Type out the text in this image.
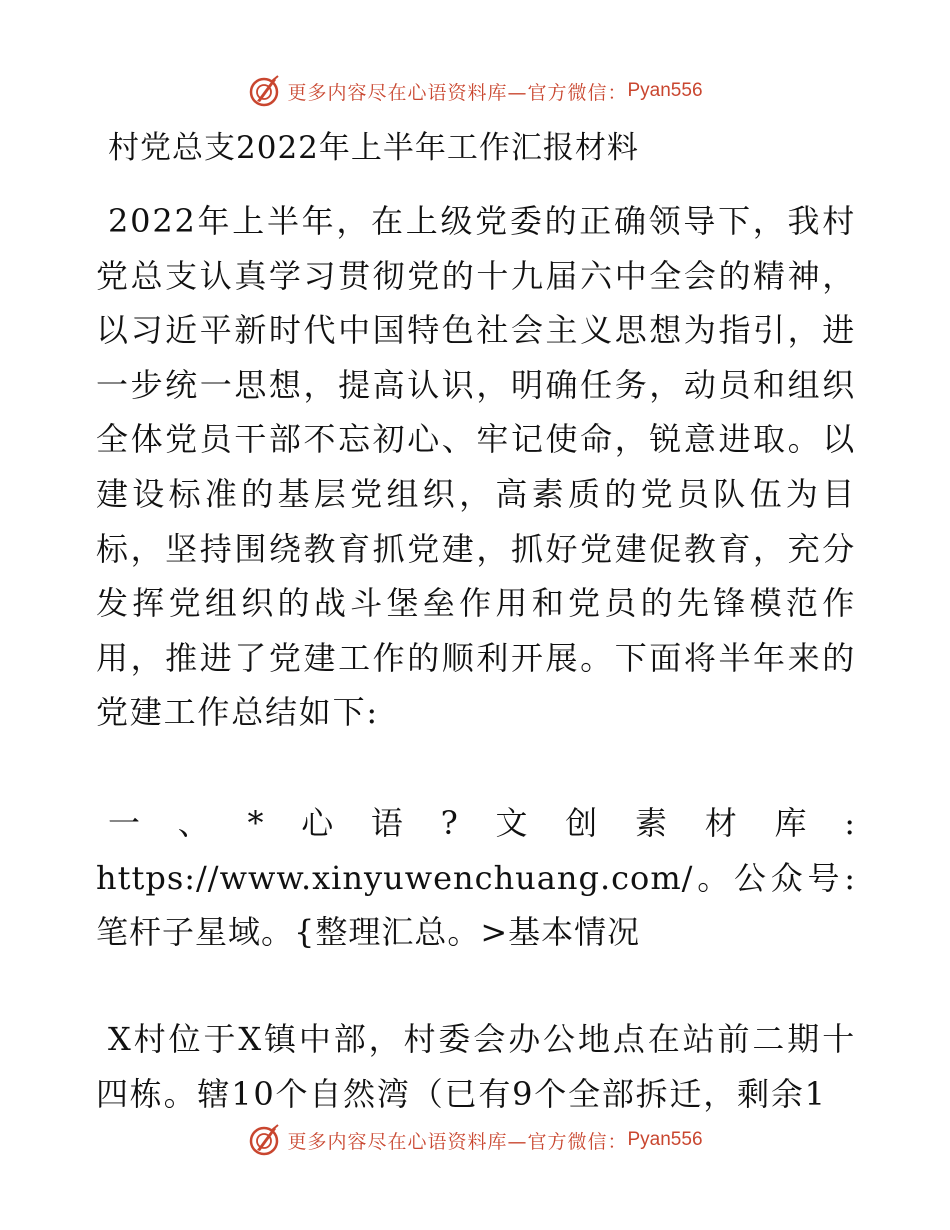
更多内容尽在心语资料库—官方微信： Pyan556
村党总支2022年上半年工作汇报材料
2022年上半年，在上级党委的正确领导下，我村党总支认真学习贯彻党的十九届六中全会的精神，以习近平新时代中国特色社会主义思想为指引，进一步统一思想，提高认识，明确任务，动员和组织全体党员干部不忘初心、牢记使命，锐意进取。以建设标准的基层党组织，高素质的党员队伍为目标，坚持围绕教育抓党建，抓好党建促教育，充分发挥党组织的战斗堡垒作用和党员的先锋模范作用，推进了党建工作的顺利开展。下面将半年来的党建工作总结如下:
一、*心语?文创素材库: https://www.xinyuwenchuang.com/。公众号: 笔杆子星域。{整理汇总。>基本情况
X村位于X镇中部，村委会办公地点在站前二期十四栋。辖10个自然湾（已有9个全部拆迁，剩余1
更多内容尽在心语资料库—官方微信： Pyan556
